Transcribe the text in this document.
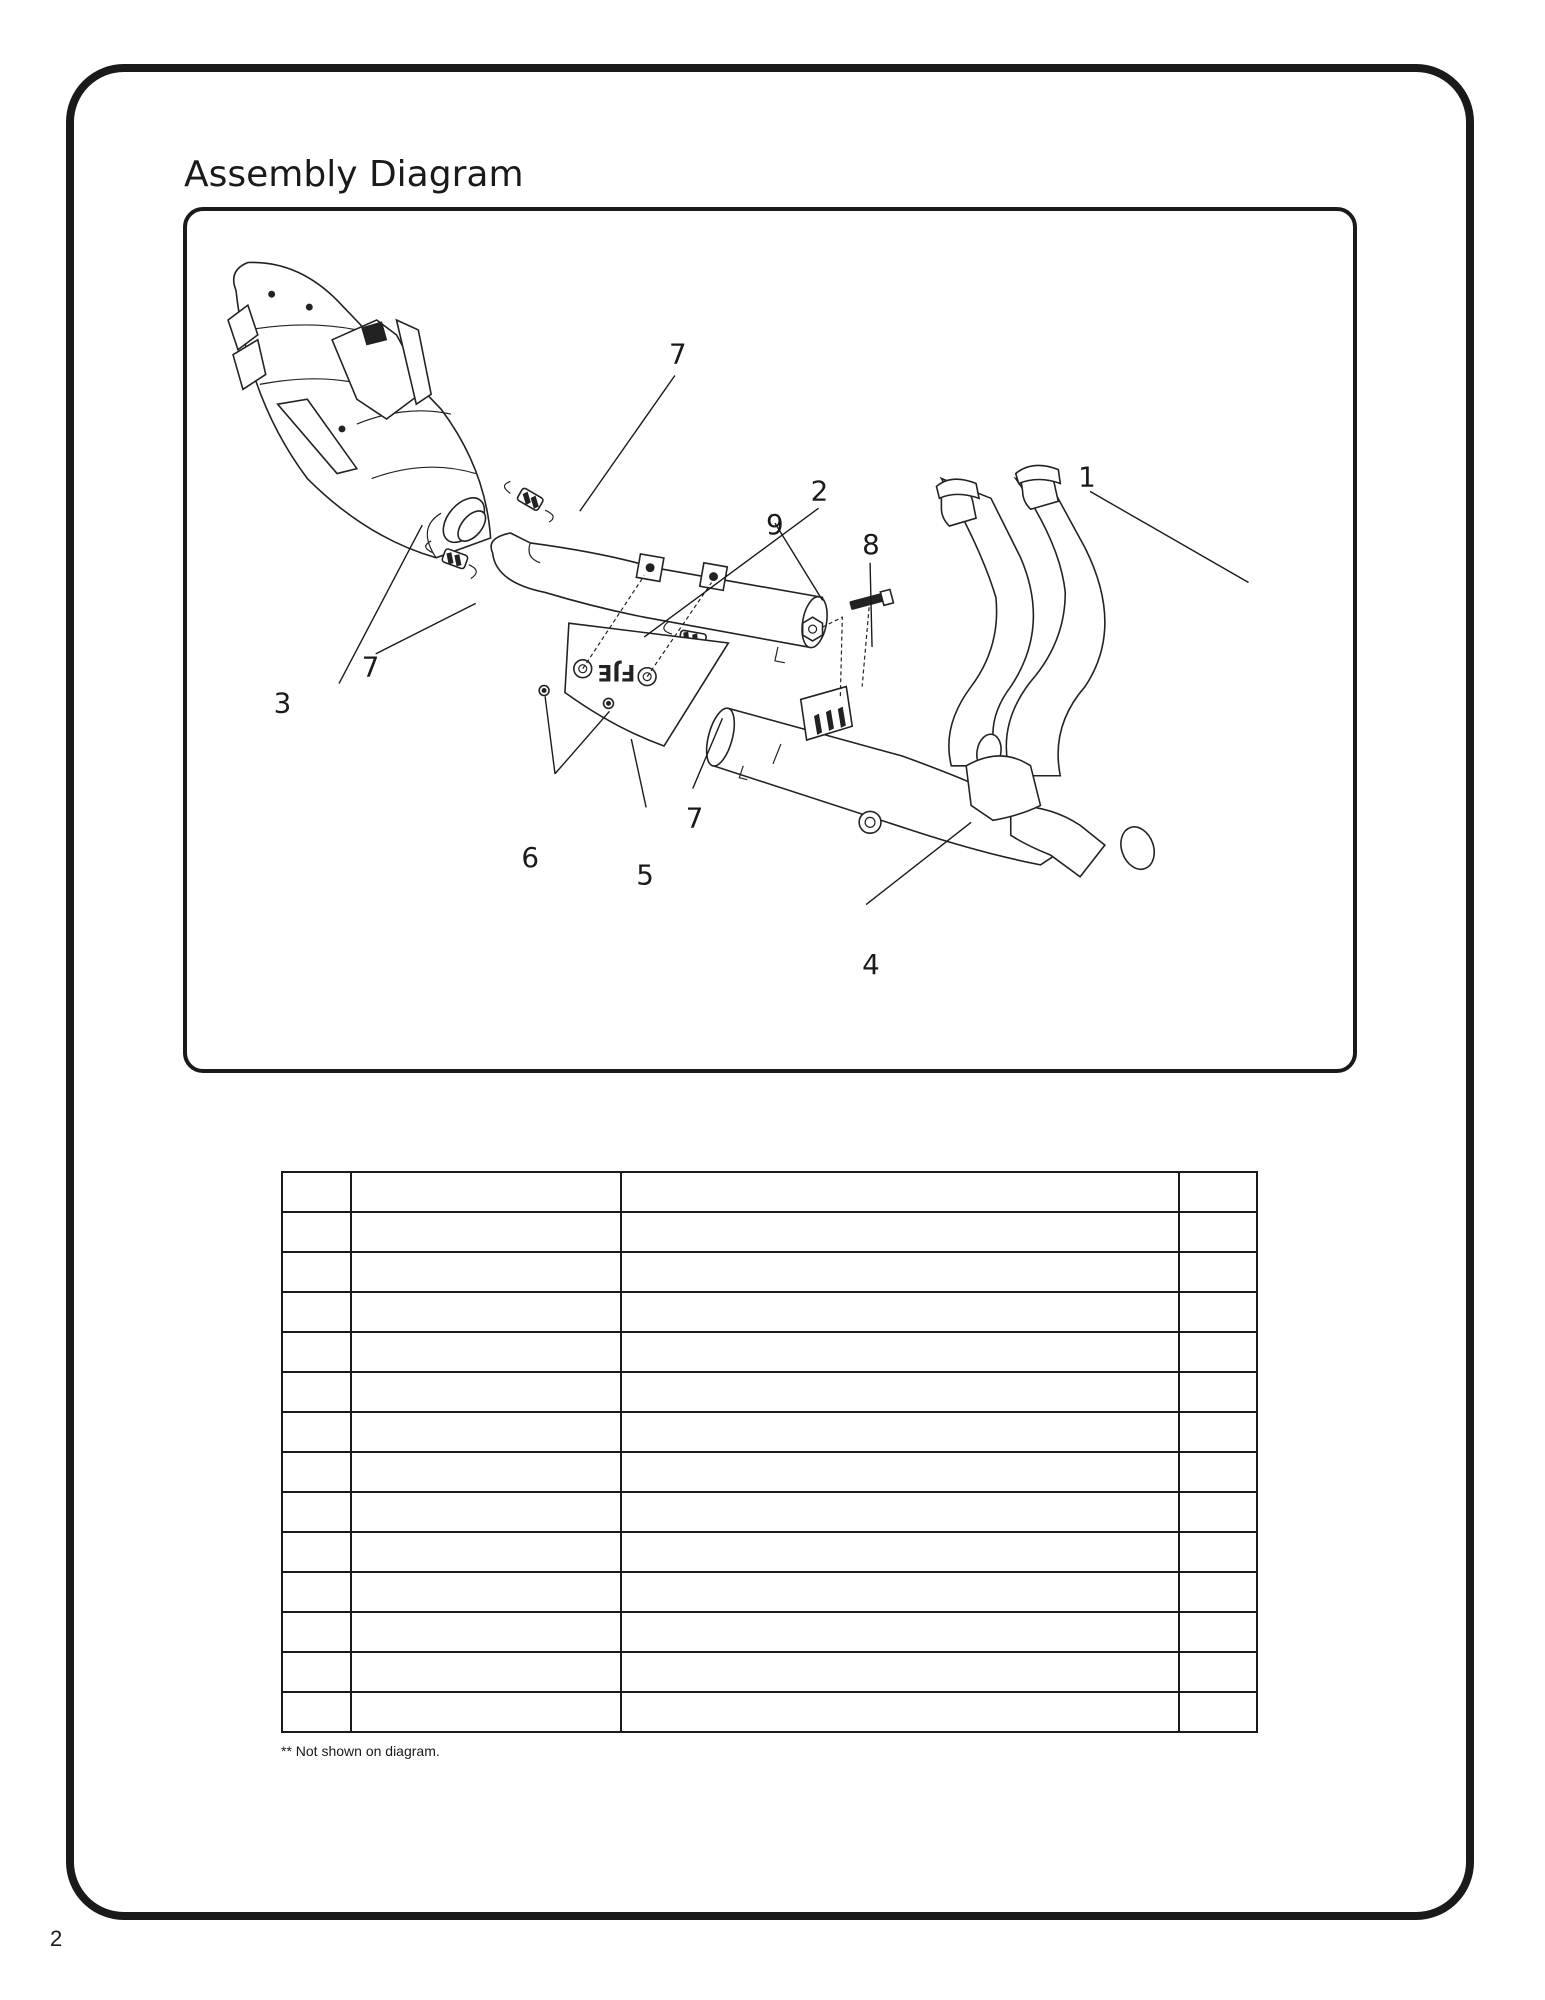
Assembly Diagram
FJE
1
2
3
4
5
6
7
7
7
8
9

** Not shown on diagram.
2
